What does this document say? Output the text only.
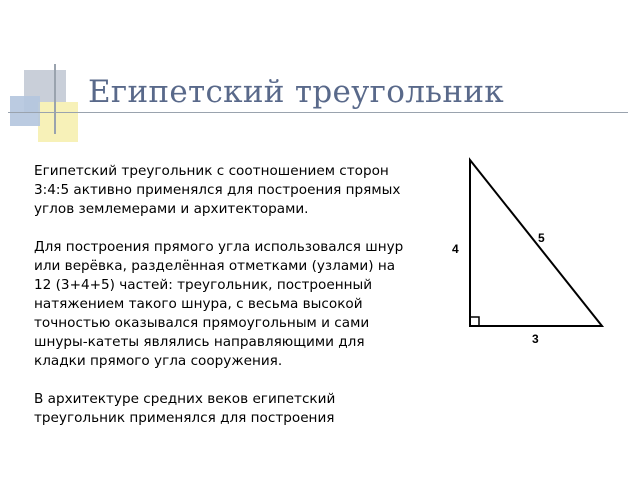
Египетский треугольник

Египетский треугольник с соотношением сторон 3:4:5 активно применялся для построения прямых углов землемерами и архитекторами.

Для построения прямого угла использовался шнур или верёвка, разделённая отметками (узлами) на 12 (3+4+5) частей: треугольник, построенный натяжением такого шнура, с весьма высокой точностью оказывался прямоугольным и сами шнуры-катеты являлись направляющими для кладки прямого угла сооружения.

В архитектуре средних веков египетский треугольник применялся для построения

4
5
3
